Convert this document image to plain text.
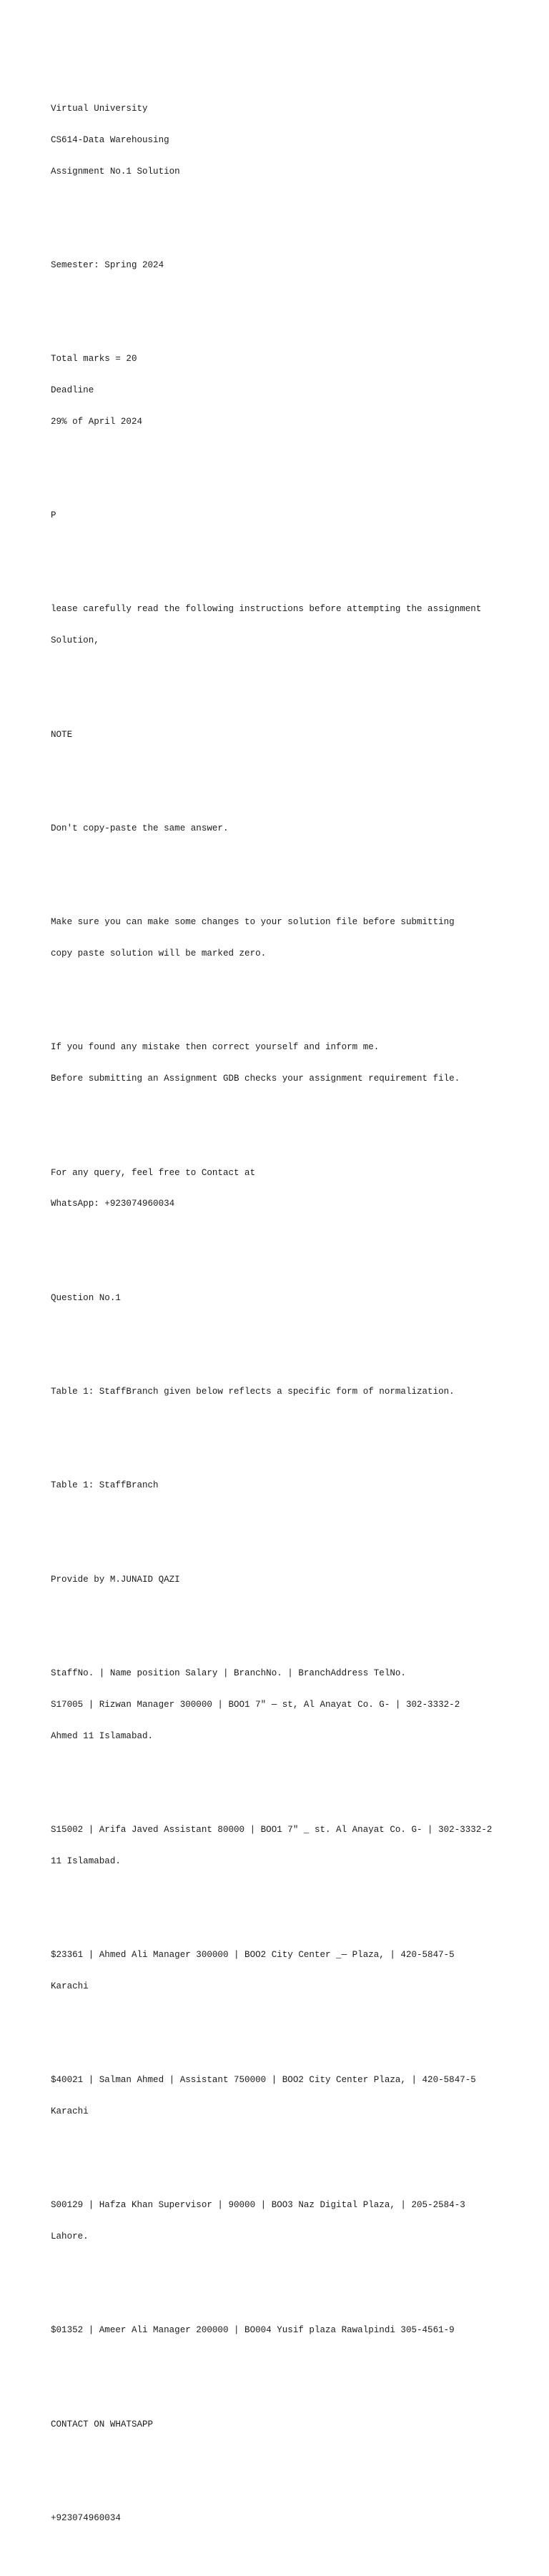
Virtual University

CS614-Data Warehousing

Assignment No.1 Solution

Semester: Spring 2024

Total marks = 20

Deadline

29% of April 2024

P

lease carefully read the following instructions before attempting the assignment

Solution,

NOTE

Don't copy-paste the same answer.

Make sure you can make some changes to your solution file before submitting

copy paste solution will be marked zero.

If you found any mistake then correct yourself and inform me.

Before submitting an Assignment GDB checks your assignment requirement file.

For any query, feel free to Contact at

WhatsApp: +923074960034

Question No.1

Table 1: StaffBranch given below reflects a specific form of normalization.

Table 1: StaffBranch

Provide by M.JUNAID QAZI

StaffNo. | Name position Salary | BranchNo. | BranchAddress TelNo.

S17005 | Rizwan Manager 300000 | BOO1 7" — st, Al Anayat Co. G- | 302-3332-2

Ahmed 11 Islamabad.

S15002 | Arifa Javed Assistant 80000 | BOO1 7" _ st. Al Anayat Co. G- | 302-3332-2

11 Islamabad.

$23361 | Ahmed Ali Manager 300000 | BOO2 City Center _— Plaza, | 420-5847-5

Karachi

$40021 | Salman Ahmed | Assistant 750000 | BOO2 City Center Plaza, | 420-5847-5

Karachi

S00129 | Hafza Khan Supervisor | 90000 | BOO3 Naz Digital Plaza, | 205-2584-3

Lahore.

$01352 | Ameer Ali Manager 200000 | BO004 Yusif plaza Rawalpindi 305-4561-9

CONTACT ON WHATSAPP

+923074960034
